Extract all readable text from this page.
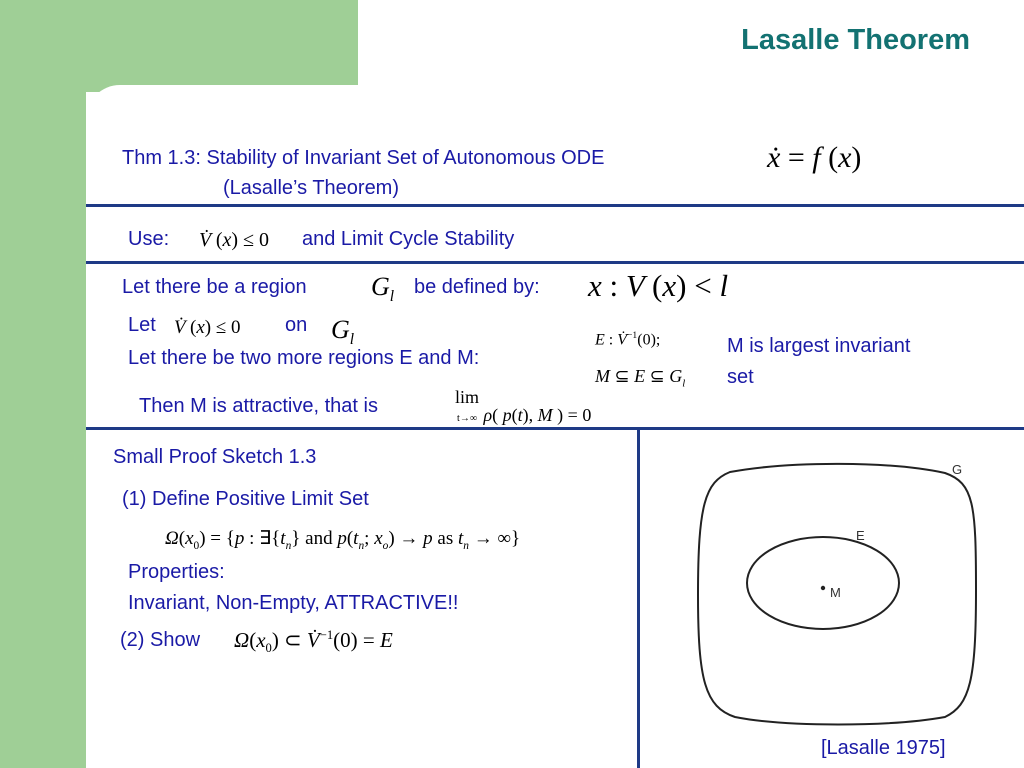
Lasalle Theorem
Thm 1.3: Stability of Invariant Set of Autonomous ODE
(Lasalle’s Theorem)
ẋ = f (x)
Use: V̇ (x) ≤ 0 and Limit Cycle Stability
Let there be a region $G_l$ be defined by: x : V (x) < l
Let V̇ (x) ≤ 0 on $G_l$
Let there be two more regions E and M:
E : V̇$^{-1}$(0);
M ⊆ E ⊆ $G_l$
M is largest invariant
set
Then M is attractive, that is	lim
t→∞ ρ( p(t), M ) = 0
Small Proof Sketch 1.3
(1) Define Positive Limit Set
$\Omega(x_0) = \{p$ : $\exists\{t_n\}$ and $p(t_n$; $x_o) \to p$ as $t_n$ → ∞}
Properties:
Invariant, Non-Empty, ATTRACTIVE!!
(2) Show $\Omega(x_0)$ ⊂ V̇$^{-1}$(0) = E
G
E
M
[Lasalle 1975]
